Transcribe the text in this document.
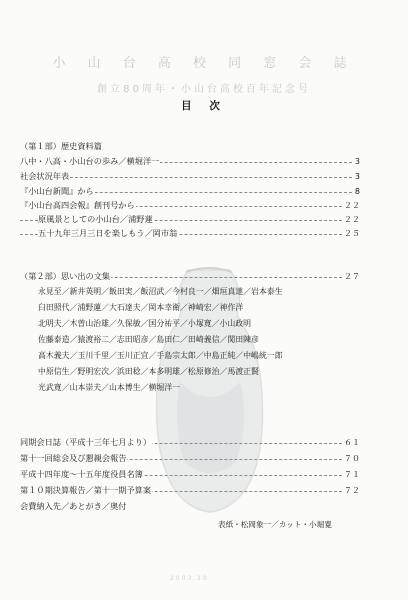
小 山 台 高 校 同 窓 会 誌
創立80周年・小山台高校百年記念号
目 次
（第１部）歴史資料篇
八中・八高・小山台の歩み／横堀洋一	3
社会状況年表	3
『小山台新聞』から	8
『小山台高四会報』創刊号から	２２
原風景としての小山台／浦野蓮	２２
五十九年三月三日を楽しもう／岡市翁	２５
（第２部）思い出の文集	２７
永見至／新井英明／飯田実／飯沼武／今村良一／畑垣真達／岩本泰生
臼田照代／浦野蓮／大石達夫／岡本幸衛／神崎宏／神作洋
北明夫／木曽山治雄／久保敏／国分祐平／小塚寛／小山政明
佐藤泰造／猿渡裕二／志田昭彦／島田仁／田崎義信／関田陳彦
高木義夫／玉川千里／玉川正宜／手島宗太郎／中島正純／中嶋統一郎
中原信生／野明宏次／浜田稔／本多明雄／松原修治／馬渡正賢
光武寛／山本崇夫／山本博生／横堀洋一
同期会日誌（平成十三年七月より）	６１
第十一回総会及び懇親会報告	７０
平成十四年度～十五年度役員名簿	７１
第１０期決算報告／第十一期予算案	７２
会費納入先／あとがき／奥付
表紙・松岡象一／カット・小堀寛
2003.10
